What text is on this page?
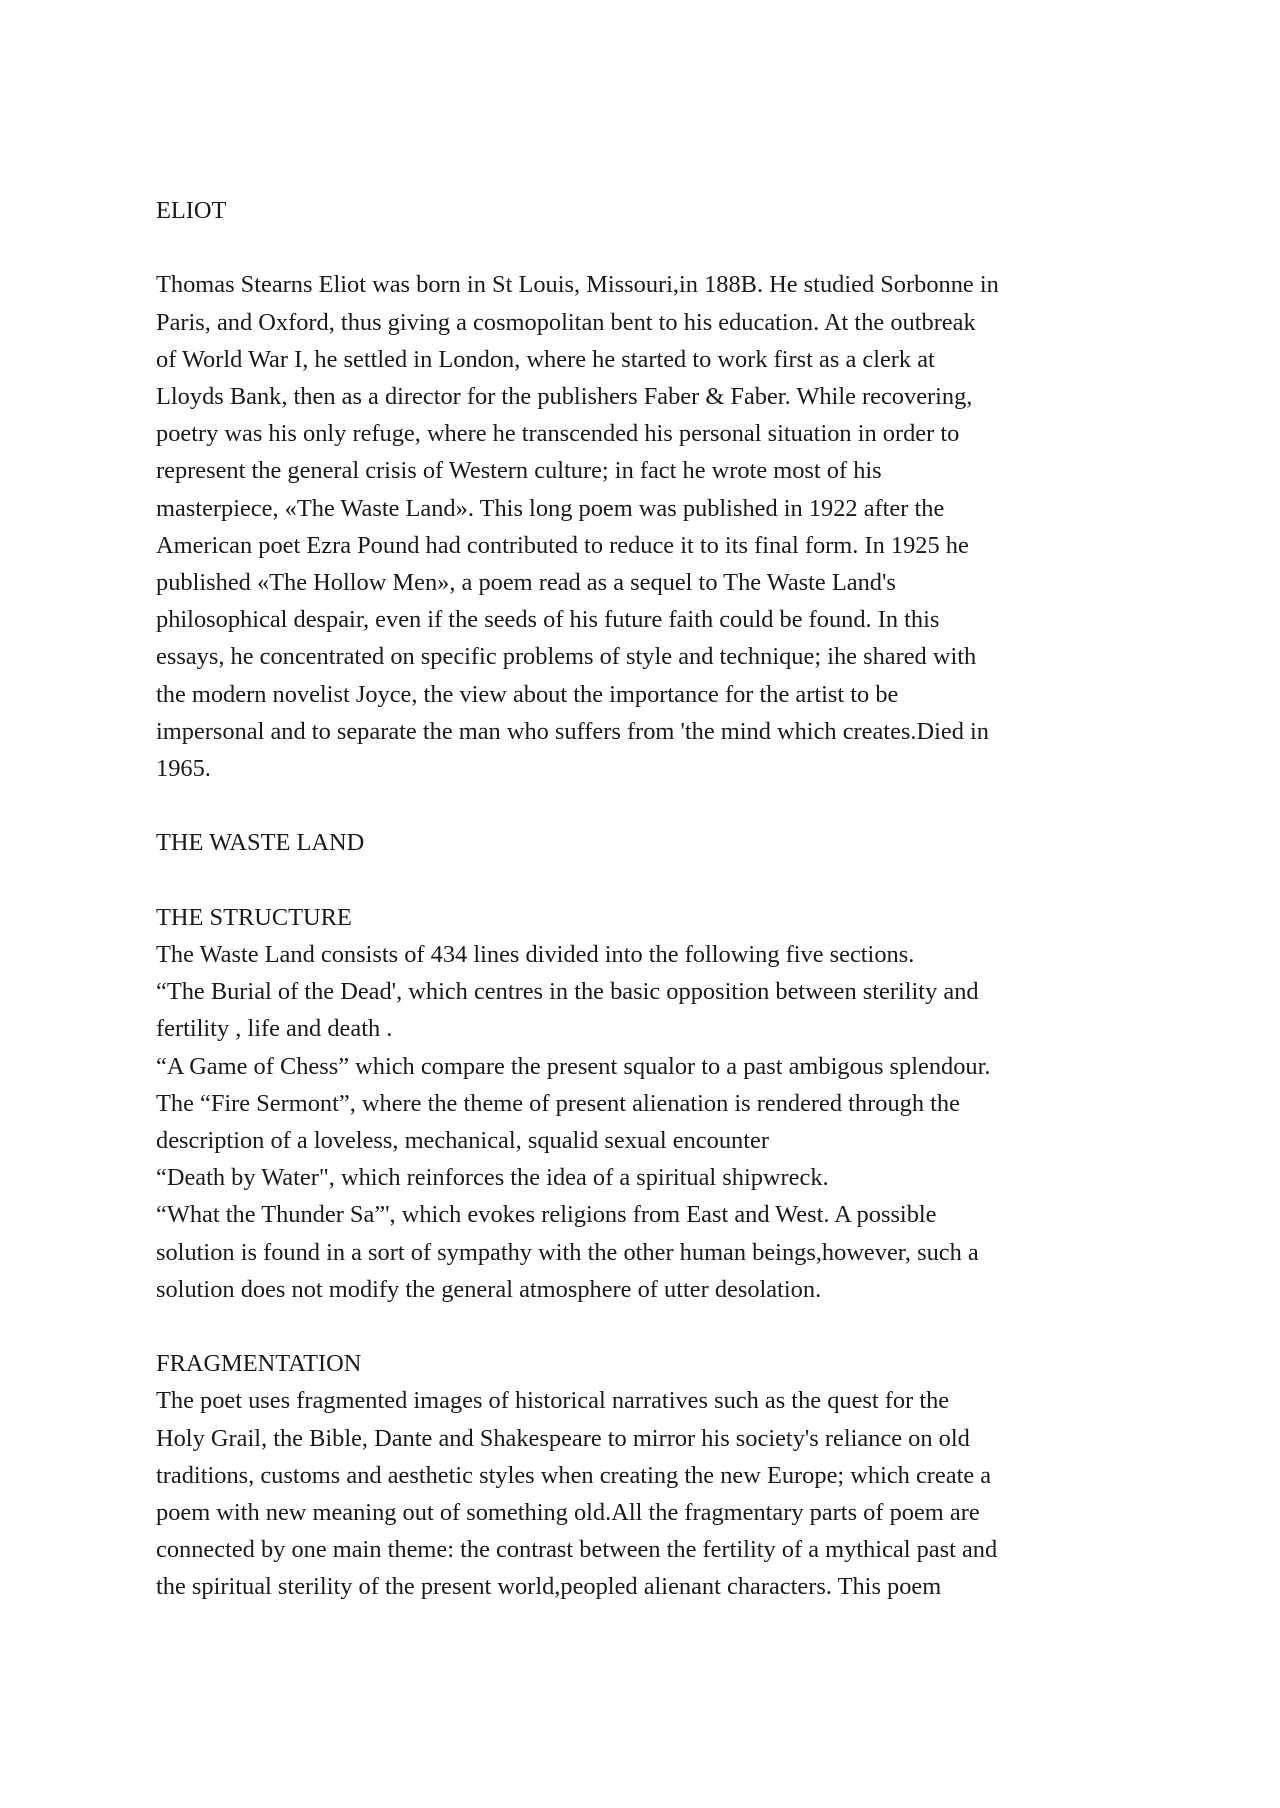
ELIOT

Thomas Stearns Eliot was born in St Louis, Missouri,in 188B. He studied Sorbonne in

Paris, and Oxford, thus giving a cosmopolitan bent to his education. At the outbreak

of World War I, he settled in London, where he started to work first as a clerk at

Lloyds Bank, then as a director for the publishers Faber & Faber. While recovering,

poetry was his only refuge, where he transcended his personal situation in order to

represent the general crisis of Western culture; in fact he wrote most of his

masterpiece, «The Waste Land». This long poem was published in 1922 after the

American poet Ezra Pound had contributed to reduce it to its final form. In 1925 he

published «The Hollow Men», a poem read as a sequel to The Waste Land's

philosophical despair, even if the seeds of his future faith could be found. In this

essays, he concentrated on specific problems of style and technique; ihe shared with

the modern novelist Joyce, the view about the importance for the artist to be

impersonal and to separate the man who suffers from 'the mind which creates.Died in

1965.

THE WASTE LAND

THE STRUCTURE

The Waste Land consists of 434 lines divided into the following five sections.

“The Burial of the Dead', which centres in the basic opposition between sterility and

fertility , life and death .

“A Game of Chess” which compare the present squalor to a past ambigous splendour.

The “Fire Sermont”, where the theme of present alienation is rendered through the

description of a loveless, mechanical, squalid sexual encounter

“Death by Water", which reinforces the idea of a spiritual shipwreck.

“What the Thunder Sa”', which evokes religions from East and West. A possible

solution is found in a sort of sympathy with the other human beings,however, such a

solution does not modify the general atmosphere of utter desolation.

FRAGMENTATION

The poet uses fragmented images of historical narratives such as the quest for the

Holy Grail, the Bible, Dante and Shakespeare to mirror his society's reliance on old

traditions, customs and aesthetic styles when creating the new Europe; which create a

poem with new meaning out of something old.All the fragmentary parts of poem are

connected by one main theme: the contrast between the fertility of a mythical past and

the spiritual sterility of the present world,peopled alienant characters. This poem
